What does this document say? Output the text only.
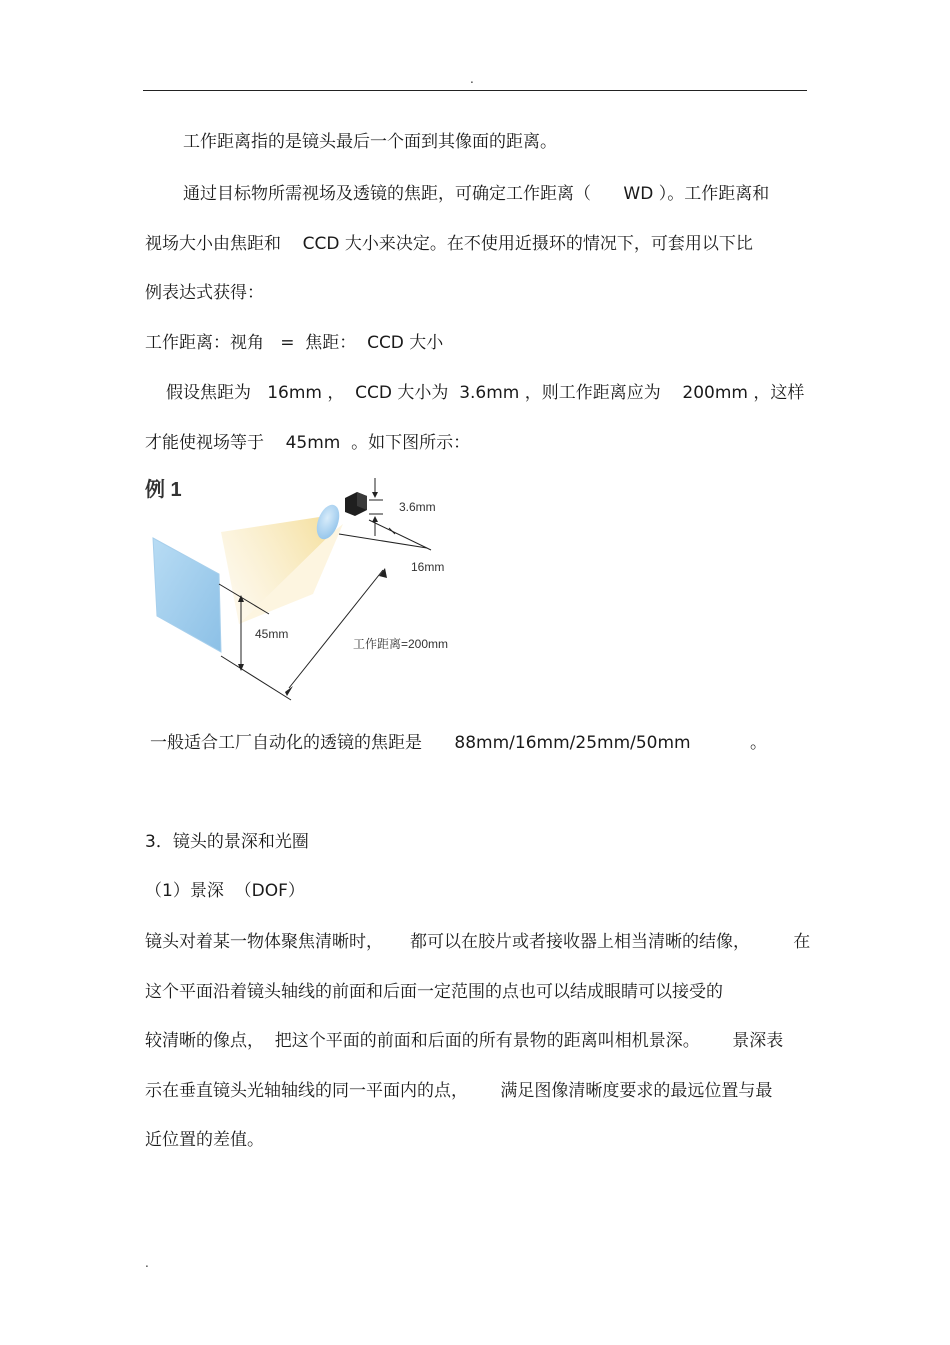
.
工作距离指的是镜头最后一个面到其像面的距离。
通过目标物所需视场及透镜的焦距，可确定工作距离（      WD ）。工作距离和
视场大小由焦距和    CCD 大小来决定。在不使用近摄环的情况下，可套用以下比
例表达式获得：
工作距离：视角   =  焦距：  CCD 大小
假设焦距为   16mm ，  CCD 大小为  3.6mm ，则工作距离应为    200mm ，这样
才能使视场等于    45mm  。如下图所示：
例 1
3.6mm
16mm
45mm
工作距离=200mm
一般适合工厂自动化的透镜的焦距是      88mm/16mm/25mm/50mm           。
3．镜头的景深和光圈
（1）景深  （DOF）
镜头对着某一物体聚焦清晰时，     都可以在胶片或者接收器上相当清晰的结像，        在
这个平面沿着镜头轴线的前面和后面一定范围的点也可以结成眼睛可以接受的
较清晰的像点，  把这个平面的前面和后面的所有景物的距离叫相机景深。      景深表
示在垂直镜头光轴轴线的同一平面内的点，      满足图像清晰度要求的最远位置与最
近位置的差值。
.
